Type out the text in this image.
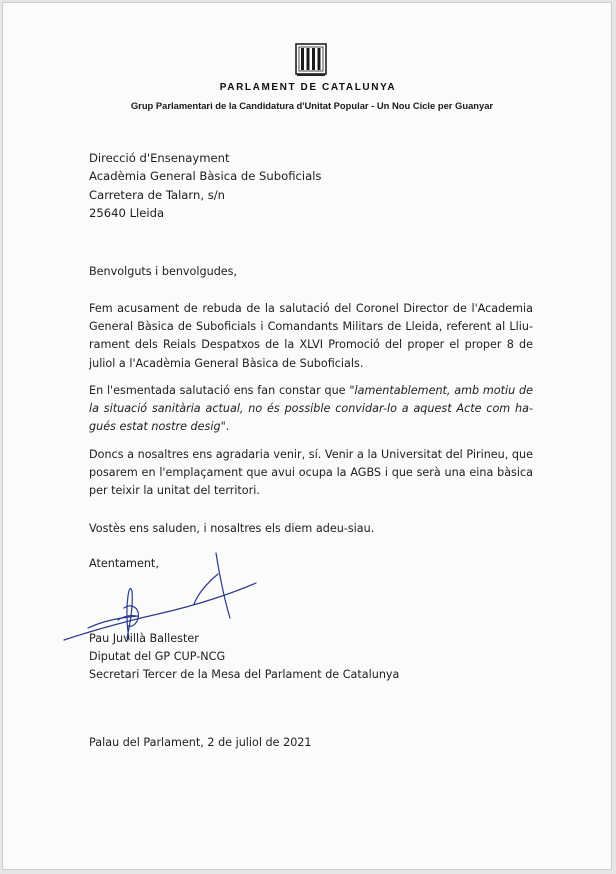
PARLAMENT DE CATALUNYA
Grup Parlamentari de la Candidatura d'Unitat Popular - Un Nou Cicle per Guanyar
Direcció d'Ensenayment
Acadèmia General Bàsica de Suboficials
Carretera de Talarn, s/n
25640 Lleida

Benvolguts i benvolgudes,

Fem acusament de rebuda de la salutació del Coronel Director de l'Academia General Bàsica de Suboficials i Comandants Militars de Lleida, referent al Lliu-rament dels Reials Despatxos de la XLVI Promoció del proper el proper 8 de juliol a l'Acadèmia General Bàsica de Suboficials.

En l'esmentada salutació ens fan constar que "lamentablement, amb motiu de la situació sanitària actual, no és possible convidar-lo a aquest Acte com ha-gués estat nostre desig".

Doncs a nosaltres ens agradaria venir, sí. Venir a la Universitat del Pirineu, que posarem en l'emplaçament que avui ocupa la AGBS i que serà una eina bàsica per teixir la unitat del territori.

Vostès ens saluden, i nosaltres els diem adeu-siau.

Atentament,

Pau Juvillà Ballester
Diputat del GP CUP-NCG
Secretari Tercer de la Mesa del Parlament de Catalunya
Palau del Parlament, 2 de juliol de 2021
